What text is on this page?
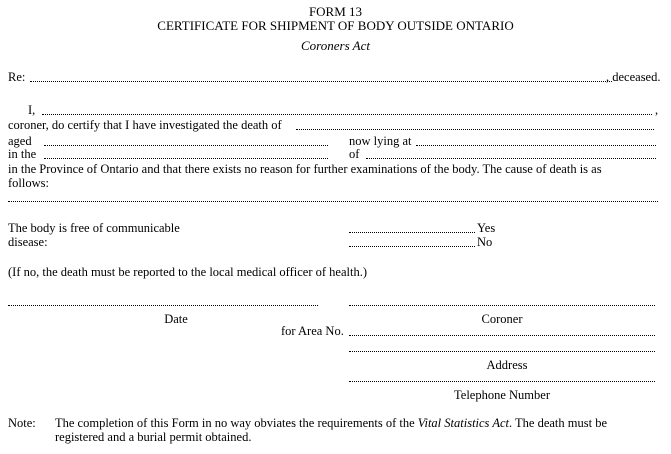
FORM 13
CERTIFICATE FOR SHIPMENT OF BODY OUTSIDE ONTARIO
Coroners Act
Re:	, deceased.
I,	,
coroner, do certify that I have investigated the death of
aged	now lying at
in the	of
in the Province of Ontario and that there exists no reason for further examinations of the body. The cause of death is as
follows:
The body is free of communicable
disease:
Yes
No
(If no, the death must be reported to the local medical officer of health.)
Date	Coroner
for Area No.
Address
Telephone Number
Note: The completion of this Form in no way obviates the requirements of the Vital Statistics Act. The death must be
registered and a burial permit obtained.
